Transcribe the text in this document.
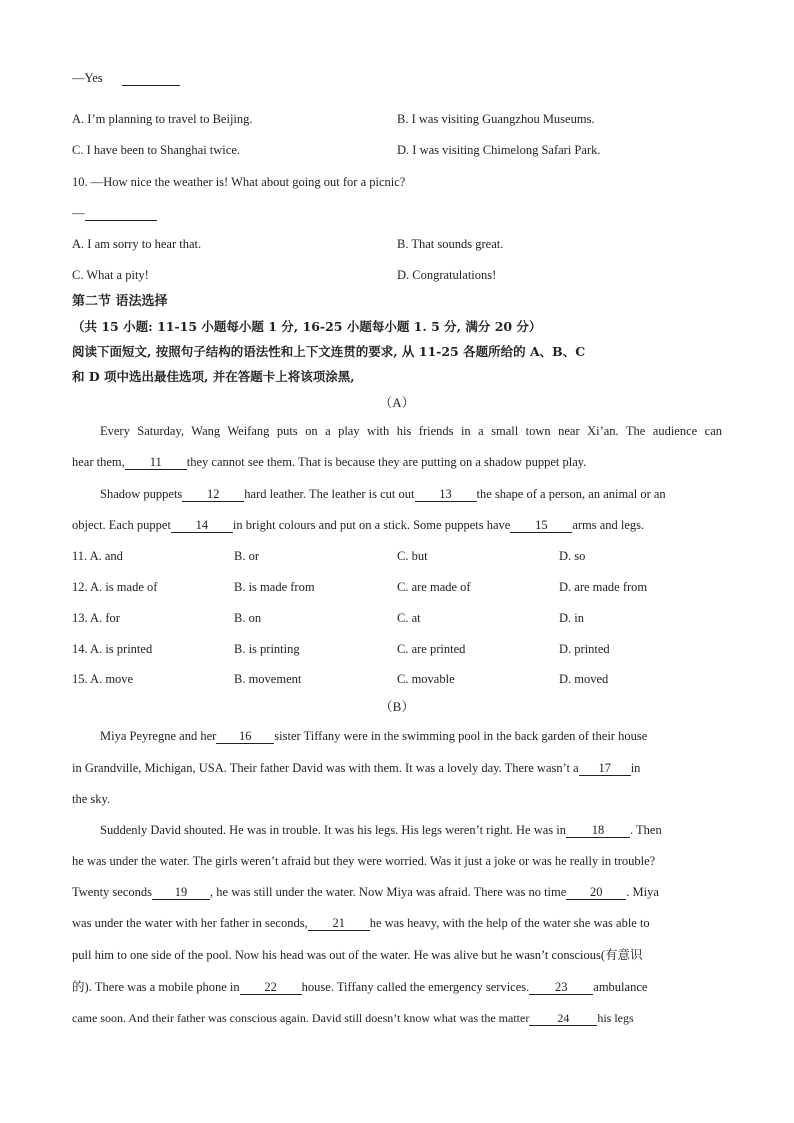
—Yes
A. I’m planning to travel to Beijing.	B. I was visiting Guangzhou Museums.
C. I have been to Shanghai twice.	D. I was visiting Chimelong Safari Park.
10. —How nice the weather is! What about going out for a picnic?
—
A. I am sorry to hear that.	B. That sounds great.
C. What a pity!	D. Congratulations!
第二节 语法选择
（共 15 小题: 11-15 小题每小题 1 分, 16-25 小题每小题 1. 5 分, 满分 20 分）
阅读下面短文, 按照句子结构的语法性和上下文连贯的要求, 从 11-25 各题所给的 A、B、C
和 D 项中选出最佳选项, 并在答题卡上将该项涂黑,
（A）
Every Saturday, Wang Weifang puts on a play with his friends in a small town near Xi’an. The audience can
hear them, 11 they cannot see them. That is because they are putting on a shadow puppet play.
Shadow puppets 12 hard leather. The leather is cut out 13 the shape of a person, an animal or an
object. Each puppet 14 in bright colours and put on a stick. Some puppets have 15 arms and legs.
11. A. and	B. or	C. but	D. so
12. A. is made of	B. is made from	C. are made of	D. are made from
13. A. for	B. on	C. at	D. in
14. A. is printed	B. is printing	C. are printed	D. printed
15. A. move	B. movement	C. movable	D. moved
（B）
Miya Peyregne and her 16 sister Tiffany were in the swimming pool in the back garden of their house
in Grandville, Michigan, USA. Their father David was with them. It was a lovely day. There wasn’t a 17 in
the sky.
Suddenly David shouted. He was in trouble. It was his legs. His legs weren’t right. He was in 18 . Then
he was under the water. The girls weren’t afraid but they were worried. Was it just a joke or was he really in trouble?
Twenty seconds 19 , he was still under the water. Now Miya was afraid. There was no time 20 . Miya
was under the water with her father in seconds, 21 he was heavy, with the help of the water she was able to
pull him to one side of the pool. Now his head was out of the water. He was alive but he wasn’t conscious(有意识
的). There was a mobile phone in 22 house. Tiffany called the emergency services. 23 ambulance
came soon. And their father was conscious again. David still doesn’t know what was the matter 24 his legs
